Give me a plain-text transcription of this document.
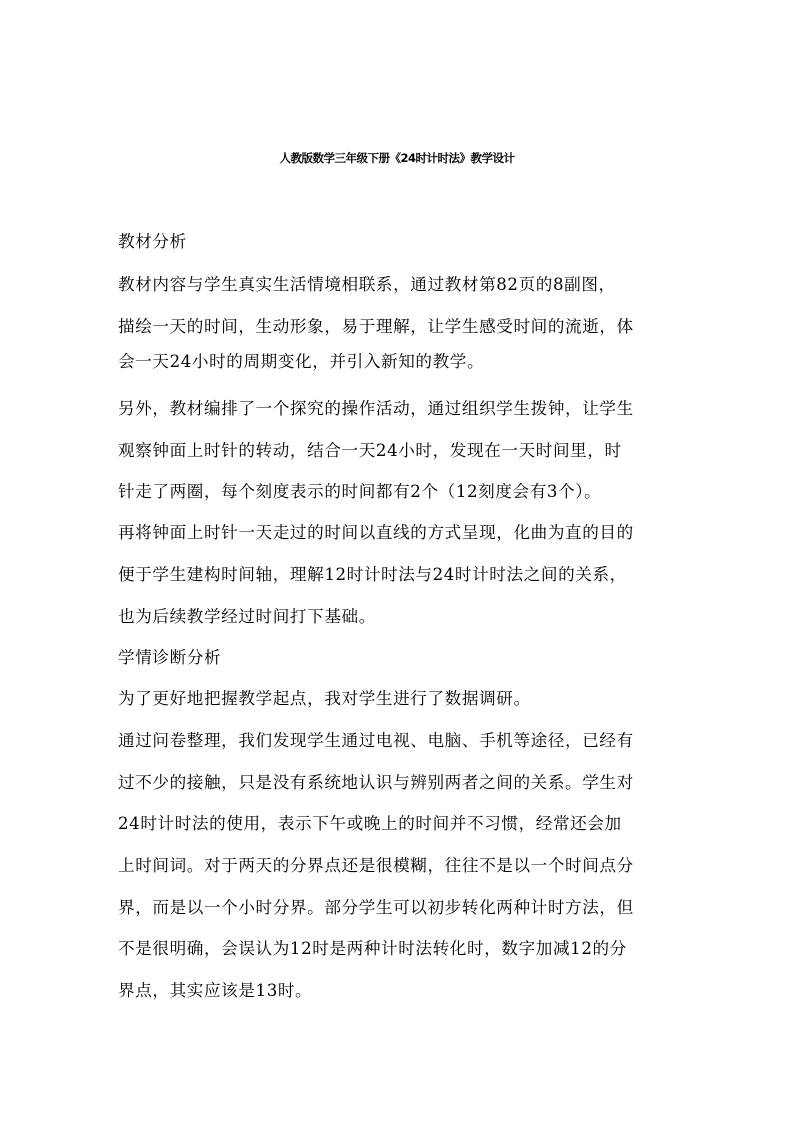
人教版数学三年级下册《24时计时法》教学设计
教材分析
教材内容与学生真实生活情境相联系，通过教材第82页的8副图，
描绘一天的时间，生动形象，易于理解，让学生感受时间的流逝，体
会一天24小时的周期变化，并引入新知的教学。
另外，教材编排了一个探究的操作活动，通过组织学生拨钟，让学生
观察钟面上时针的转动，结合一天24小时，发现在一天时间里，时
针走了两圈，每个刻度表示的时间都有2个（12刻度会有3个）。
再将钟面上时针一天走过的时间以直线的方式呈现，化曲为直的目的
便于学生建构时间轴，理解12时计时法与24时计时法之间的关系，
也为后续教学经过时间打下基础。
学情诊断分析
为了更好地把握教学起点，我对学生进行了数据调研。
通过问卷整理，我们发现学生通过电视、电脑、手机等途径，已经有
过不少的接触，只是没有系统地认识与辨别两者之间的关系。学生对
24时计时法的使用，表示下午或晚上的时间并不习惯，经常还会加
上时间词。对于两天的分界点还是很模糊，往往不是以一个时间点分
界，而是以一个小时分界。部分学生可以初步转化两种计时方法，但
不是很明确，会误认为12时是两种计时法转化时，数字加减12的分
界点，其实应该是13时。
